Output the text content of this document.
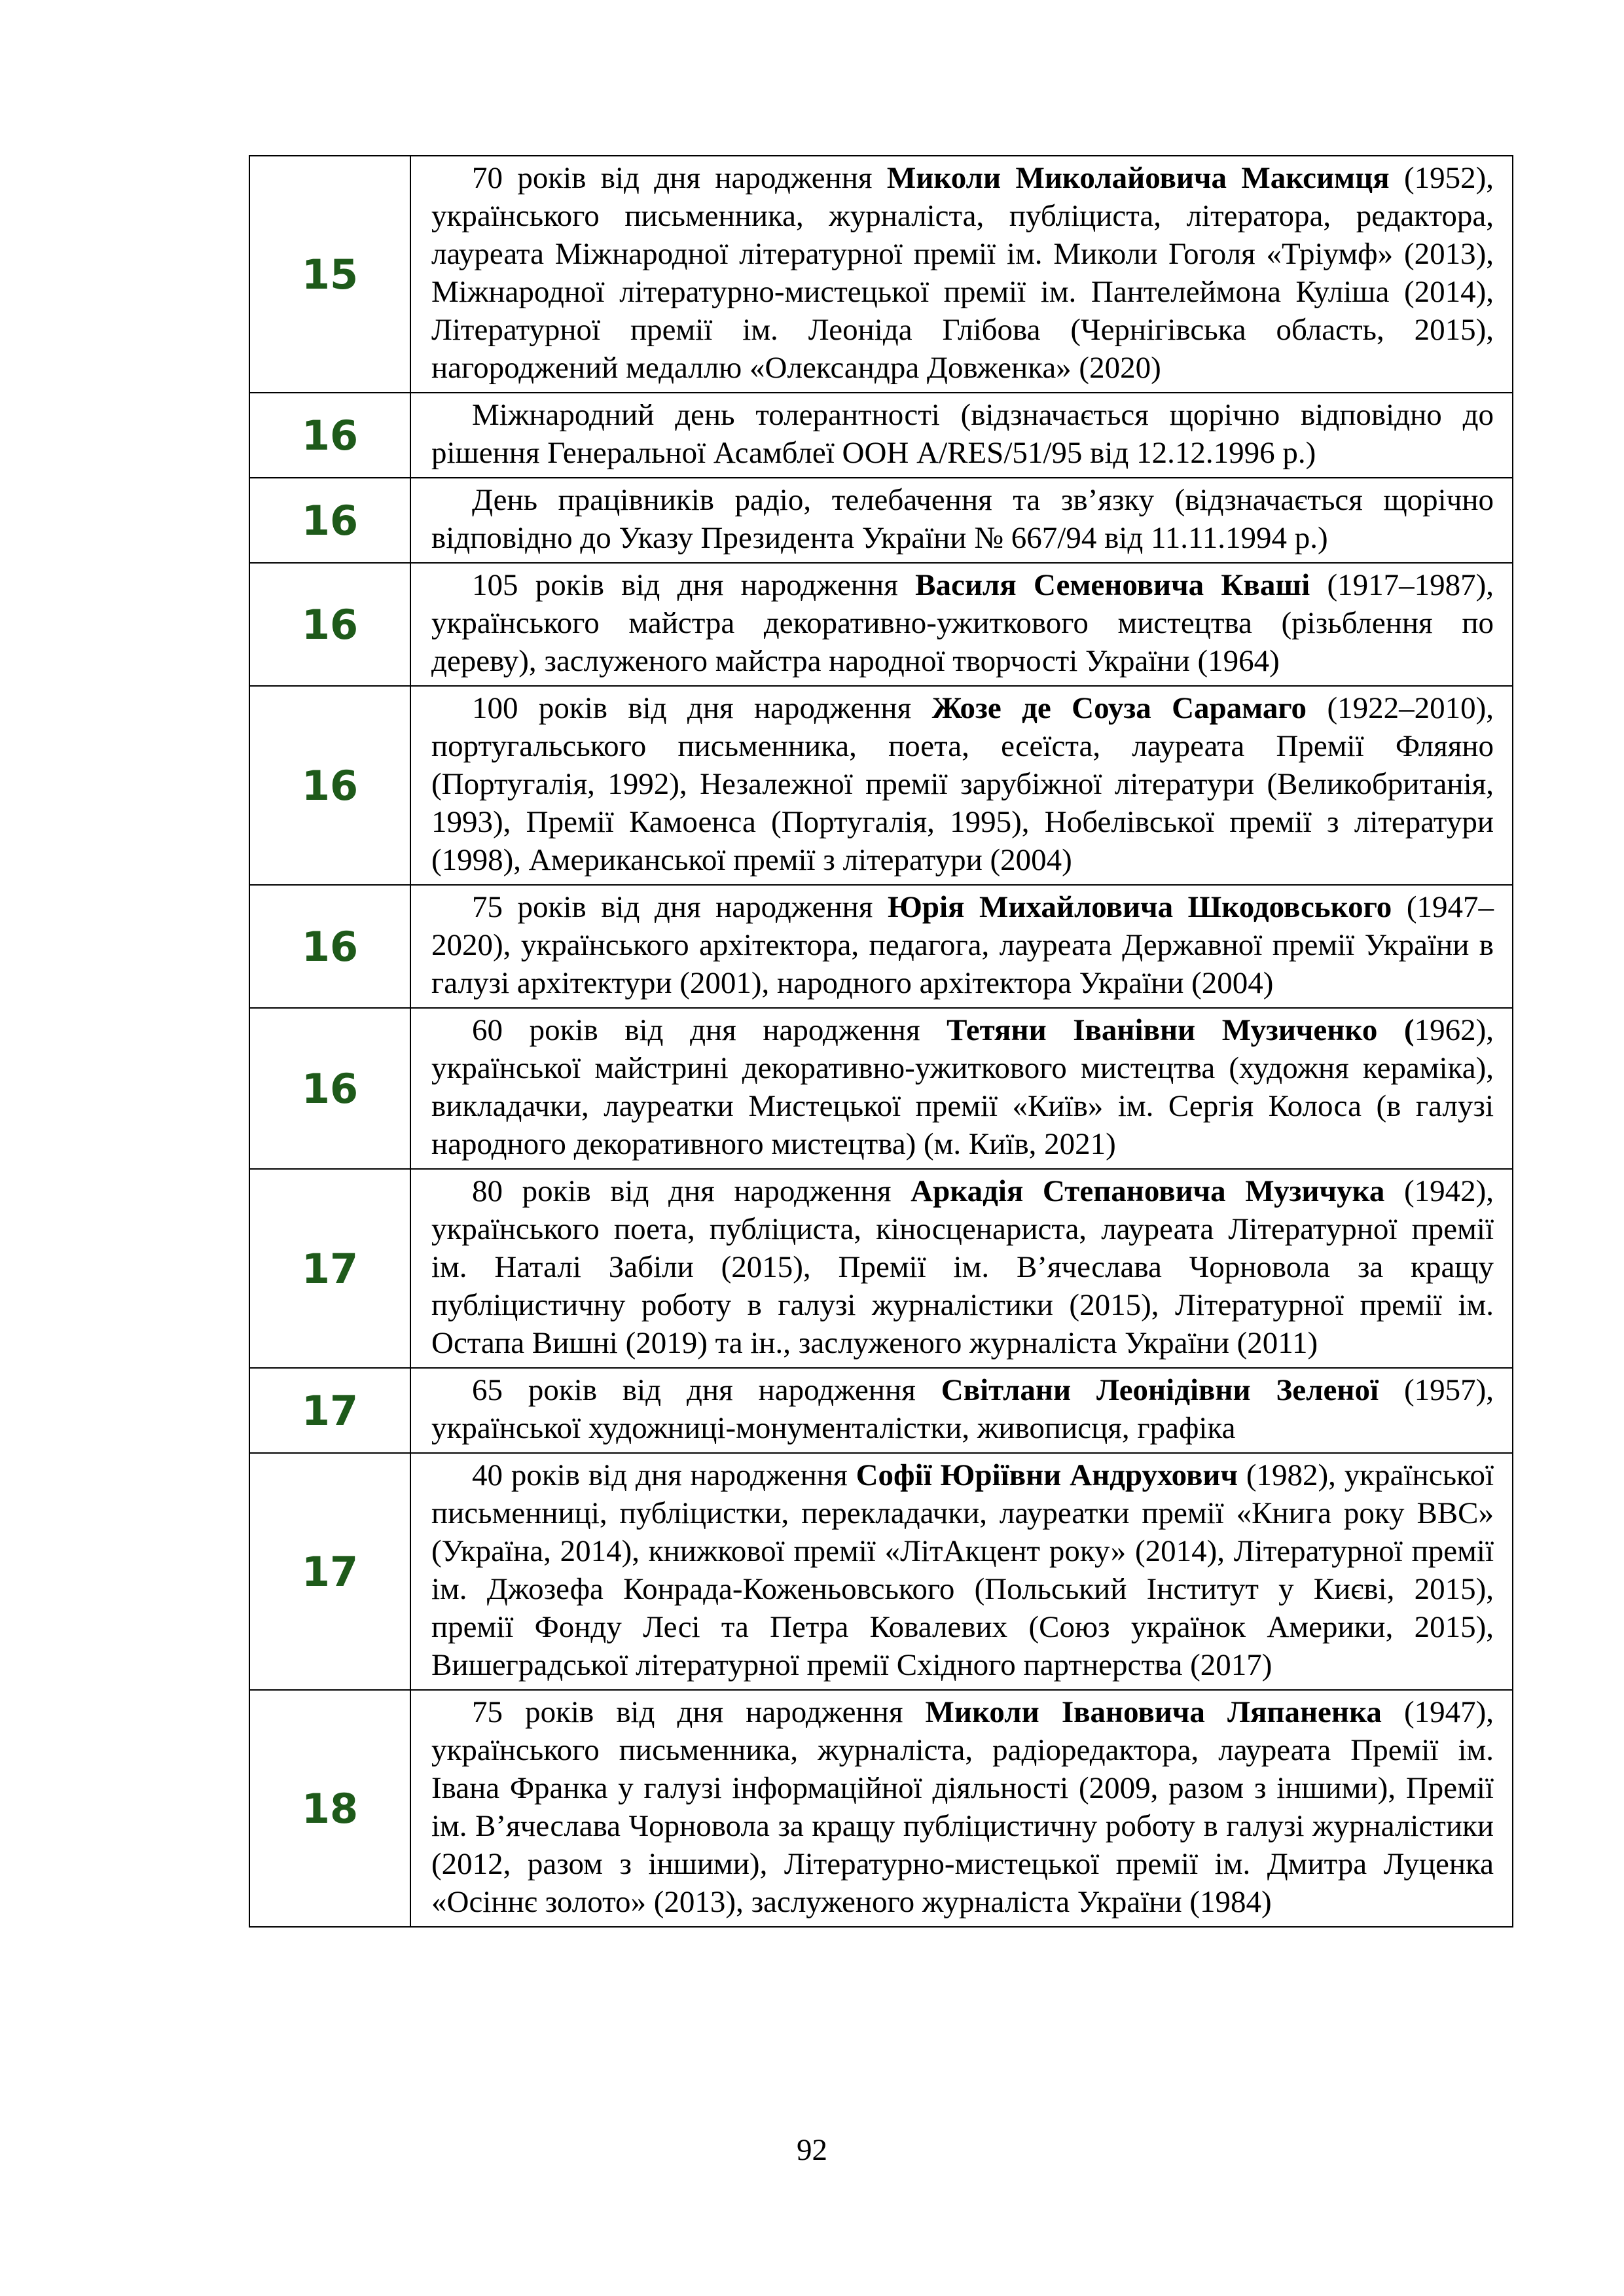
15	70 років від дня народження Миколи Миколайовича Максимця (1952), українського письменника, журналіста, публіциста, літератора, редактора, лауреата Міжнародної літературної премії ім. Миколи Гоголя «Тріумф» (2013), Міжнародної літературно-мистецької премії ім. Пантелеймона Куліша (2014), Літературної премії ім. Леоніда Глібова (Чернігівська область, 2015), нагороджений медаллю «Олександра Довженка» (2020)

16	Міжнародний день толерантності (відзначається щорічно відповідно до рішення Генеральної Асамблеї ООН A/RES/51/95 від 12.12.1996 р.)

16	День працівників радіо, телебачення та зв’язку (відзначається щорічно відповідно до Указу Президента України № 667/94 від 11.11.1994 р.)

16	105 років від дня народження Василя Семеновича Кваші (1917–1987), українського майстра декоративно-ужиткового мистецтва (різьблення по дереву), заслуженого майстра народної творчості України (1964)

16	100 років від дня народження Жозе де Соуза Сарамаго (1922–2010), португальського письменника, поета, есеїста, лауреата Премії Фляяно (Португалія, 1992), Незалежної премії зарубіжної літератури (Великобританія, 1993), Премії Камоенса (Португалія, 1995), Нобелівської премії з літератури (1998), Американської премії з літератури (2004)

16	75 років від дня народження Юрія Михайловича Шкодовського (1947–2020), українського архітектора, педагога, лауреата Державної премії України в галузі архітектури (2001), народного архітектора України (2004)

16	60 років від дня народження Тетяни Іванівни Музиченко (1962), української майстрині декоративно-ужиткового мистецтва (художня кераміка), викладачки, лауреатки Мистецької премії «Київ» ім. Сергія Колоса (в галузі народного декоративного мистецтва) (м. Київ, 2021)

17	80 років від дня народження Аркадія Степановича Музичука (1942), українського поета, публіциста, кіносценариста, лауреата Літературної премії ім. Наталі Забіли (2015), Премії ім. В’ячеслава Чорновола за кращу публіцистичну роботу в галузі журналістики (2015), Літературної премії ім. Остапа Вишні (2019) та ін., заслуженого журналіста України (2011)

17	65 років від дня народження Світлани Леонідівни Зеленої (1957), української художниці-монументалістки, живописця, графіка

17	40 років від дня народження Софії Юріївни Андрухович (1982), української письменниці, публіцистки, перекладачки, лауреатки премії «Книга року BBC» (Україна, 2014), книжкової премії «ЛітАкцент року» (2014), Літературної премії ім. Джозефа Конрада-Коженьовського (Польський Інститут у Києві, 2015), премії Фонду Лесі та Петра Ковалевих (Союз українок Америки, 2015), Вишеградської літературної премії Східного партнерства (2017)

18	75 років від дня народження Миколи Івановича Ляпаненка (1947), українського письменника, журналіста, радіоредактора, лауреата Премії ім. Івана Франка у галузі інформаційної діяльності (2009, разом з іншими), Премії ім. В’ячеслава Чорновола за кращу публіцистичну роботу в галузі журналістики (2012, разом з іншими), Літературно-мистецької премії ім. Дмитра Луценка «Осіннє золото» (2013), заслуженого журналіста України (1984)

92
